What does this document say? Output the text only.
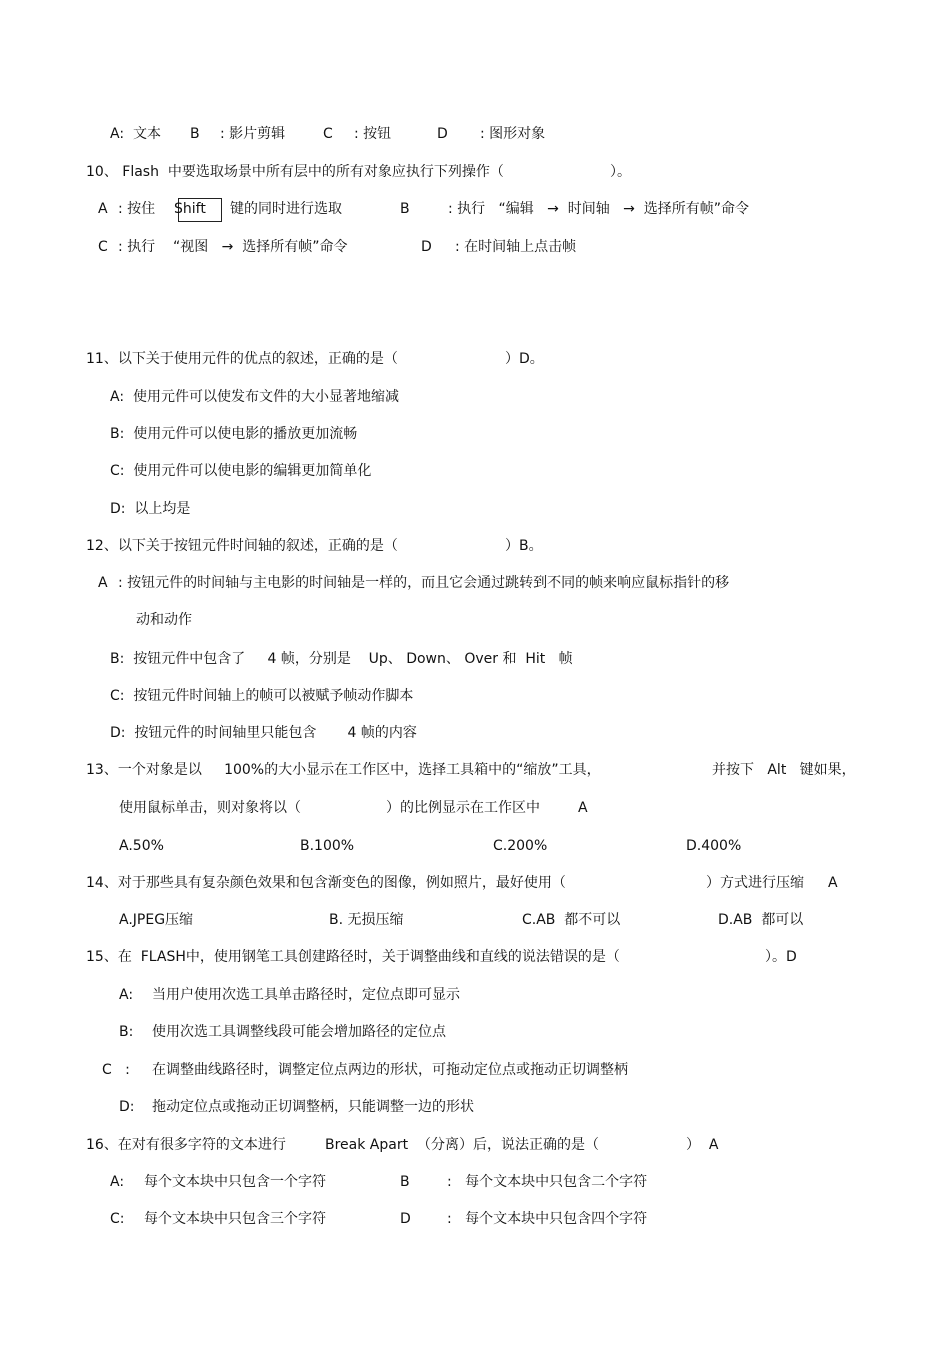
A:  文本 B : 影片剪辑	C : 按钮	D : 图形对象
10、 Flash  中要选取场景中所有层中的所有对象应执行下列操作（	）。
A : 按住 Shift 键的同时进行选取	B	: 执行   “编辑   →  时间轴   →  选择所有帧”命令
C : 执行    “视图   →  选择所有帧”命令	D : 在时间轴上点击帧
11、以下关于使用元件的优点的叙述，正确的是（	）D。
A:  使用元件可以使发布文件的大小显著地缩减
B:  使用元件可以使电影的播放更加流畅
C:  使用元件可以使电影的编辑更加简单化
D:  以上均是
12、以下关于按钮元件时间轴的叙述，正确的是（	）B。
A : 按钮元件的时间轴与主电影的时间轴是一样的，而且它会通过跳转到不同的帧来响应鼠标指针的移
动和动作
B:  按钮元件中包含了     4 帧，分别是    Up、 Down、 Over 和  Hit   帧
C:  按钮元件时间轴上的帧可以被赋予帧动作脚本
D:  按钮元件的时间轴里只能包含       4 帧的内容
13、一个对象是以     100%的大小显示在工作区中，选择工具箱中的“缩放”工具，	并按下   Alt   键如果，
使用鼠标单击，则对象将以（	）的比例显示在工作区中	A
A.50%	B.100%	C.200%	D.400%
14、对于那些具有复杂颜色效果和包含渐变色的图像，例如照片，最好使用（	）方式进行压缩 A
A.JPEG压缩	B. 无损压缩	C.AB  都不可以	D.AB  都可以
15、在  FLASH中，使用钢笔工具创建路径时，关于调整曲线和直线的说法错误的是（	）。D
A: 当用户使用次选工具单击路径时，定位点即可显示
B: 使用次选工具调整线段可能会增加路径的定位点
C   : 在调整曲线路径时，调整定位点两边的形状，可拖动定位点或拖动正切调整柄
D: 拖动定位点或拖动正切调整柄，只能调整一边的形状
16、在对有很多字符的文本进行	Break Apart  （分离）后，说法正确的是（	）  A
A: 每个文本块中只包含一个字符	B	:   每个文本块中只包含二个字符
C: 每个文本块中只包含三个字符	D	:   每个文本块中只包含四个字符
